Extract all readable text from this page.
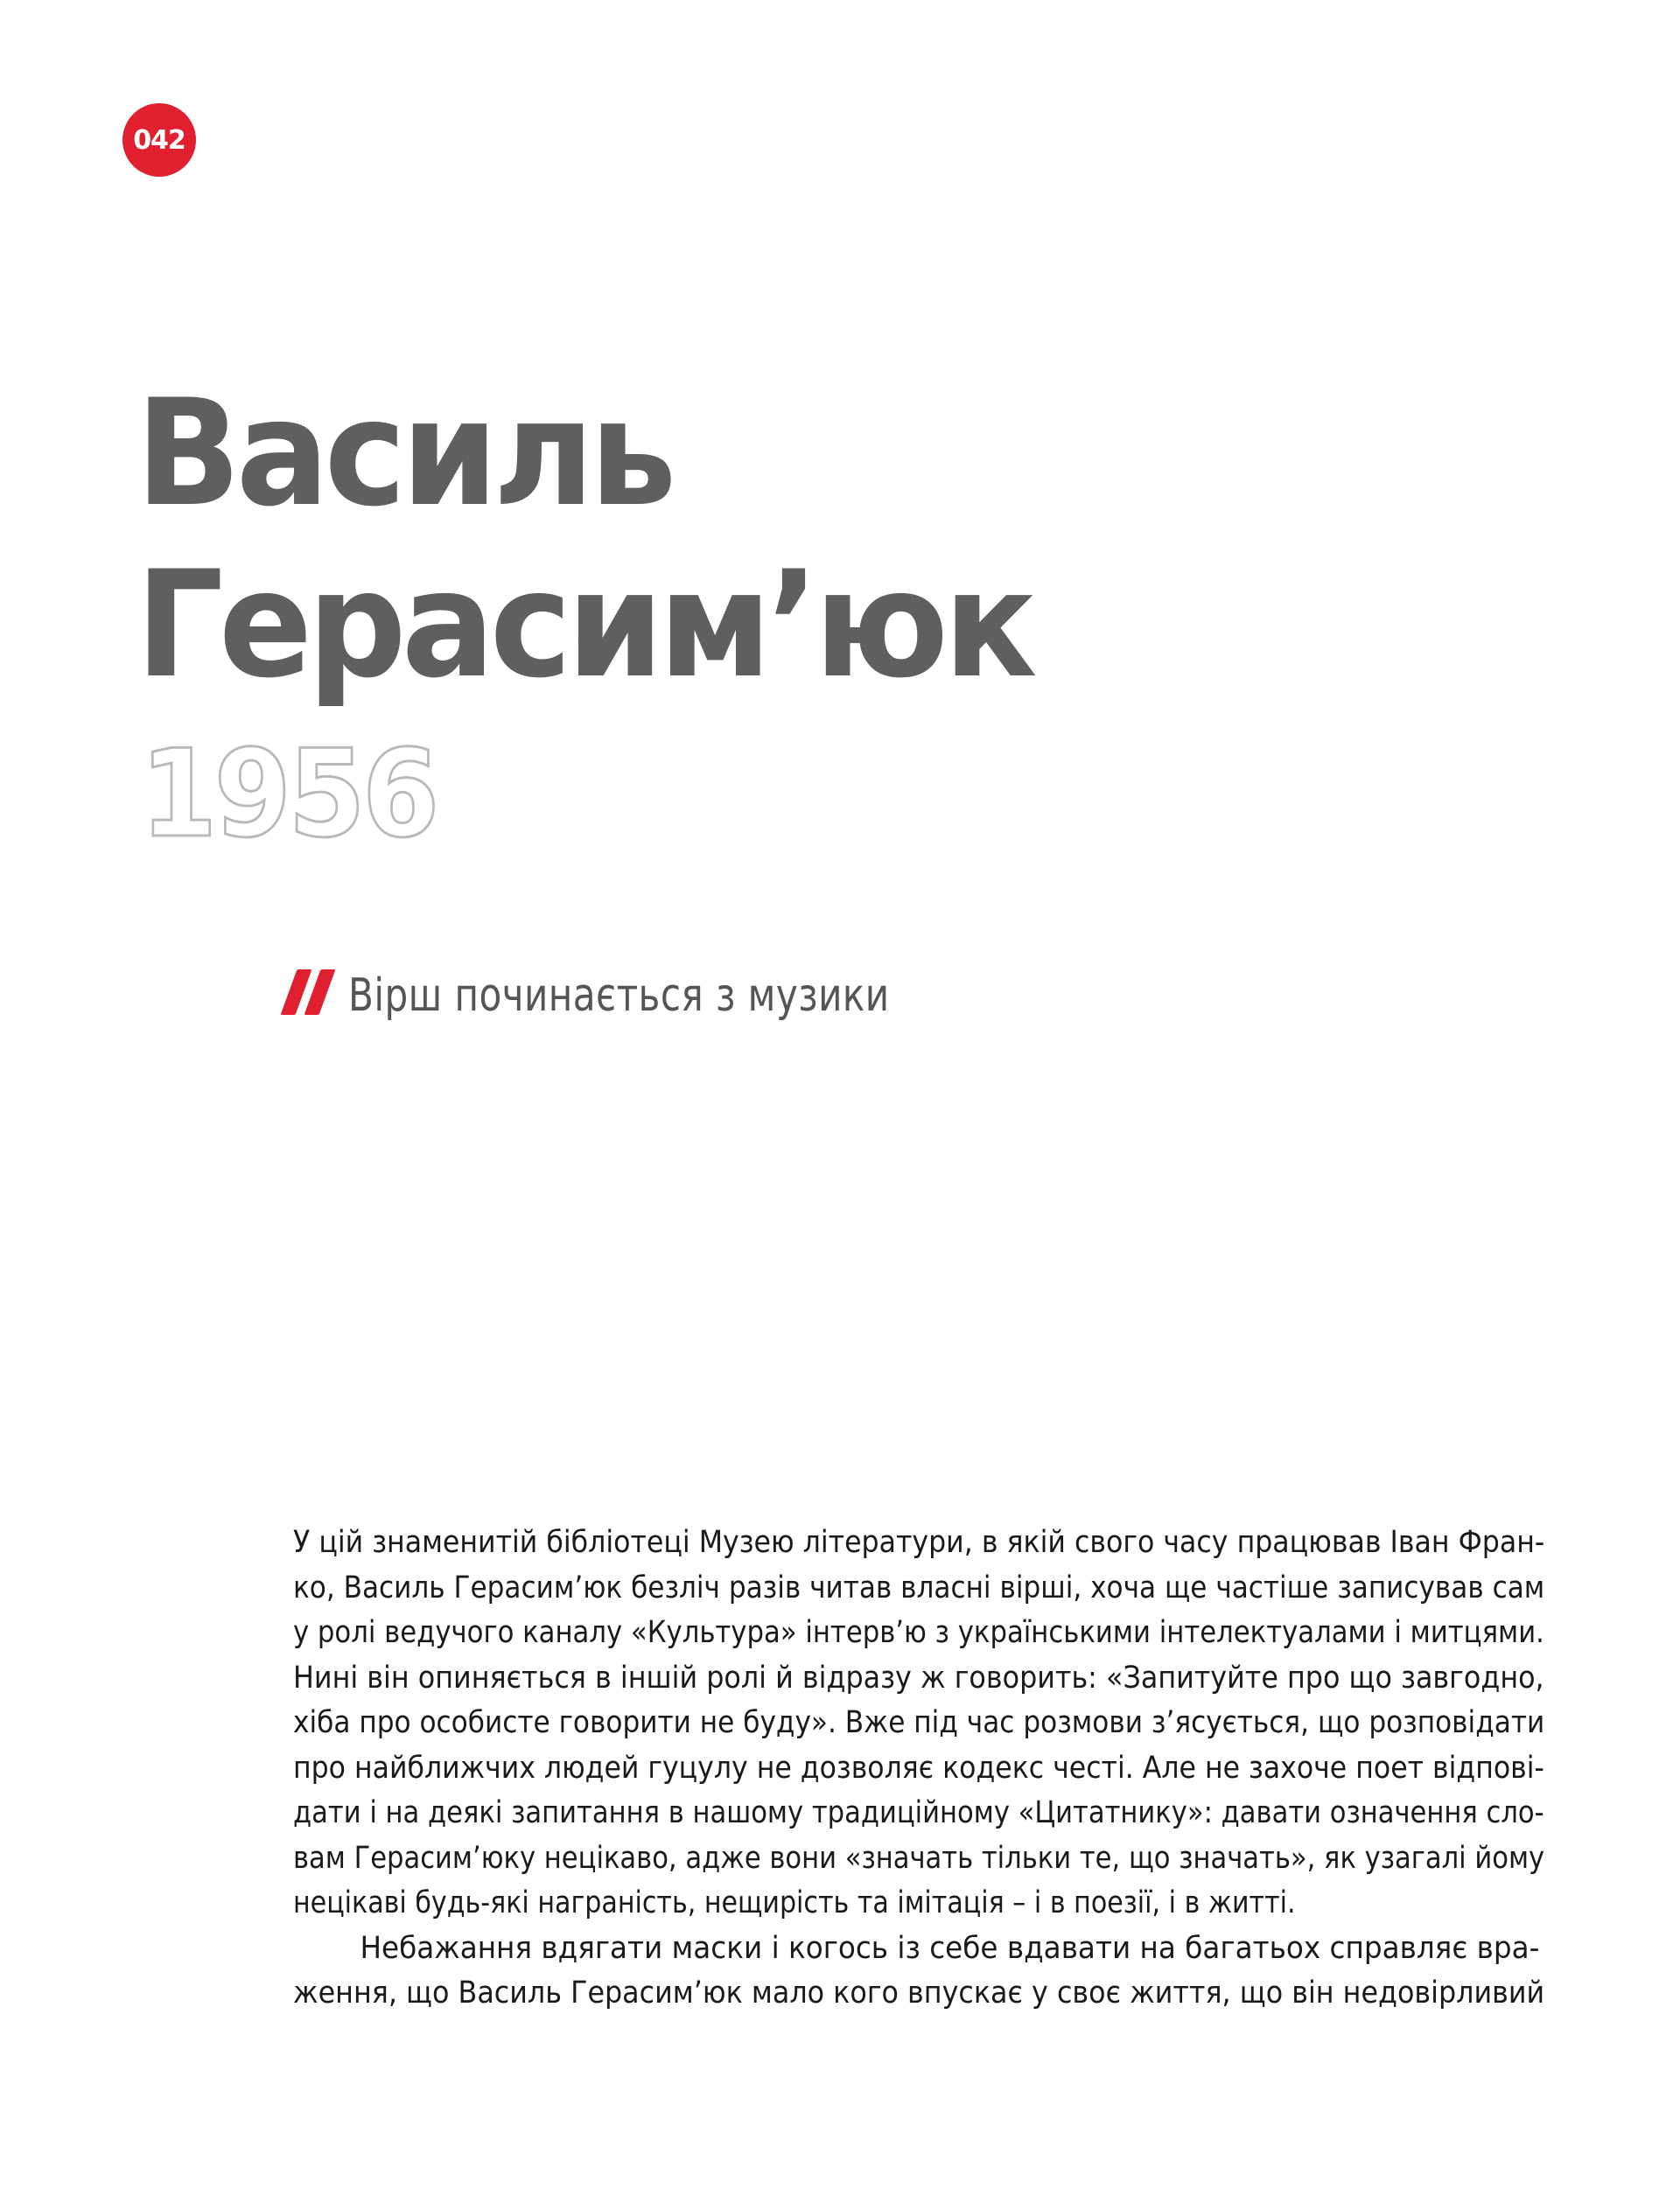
042
Василь
Герасим’юк
1956
Вірш починається з музики
У цій знаменитій бібліотеці Музею літератури, в якій свого часу працював Іван Фран-
ко, Василь Герасим’юк безліч разів читав власні вірші, хоча ще частіше записував сам
у ролі ведучого каналу «Культура» інтерв’ю з українськими інтелектуалами і митцями.
Нині він опиняється в іншій ролі й відразу ж говорить: «Запитуйте про що завгодно,
хіба про особисте говорити не буду». Вже під час розмови з’ясується, що розповідати
про найближчих людей гуцулу не дозволяє кодекс честі. Але не захоче поет відпові-
дати і на деякі запитання в нашому традиційному «Цитатнику»: давати означення сло-
вам Герасим’юку нецікаво, адже вони «значать тільки те, що значать», як узагалі йому
нецікаві будь-які награність, нещирість та імітація – і в поезії, і в житті.
Небажання вдягати маски і когось із себе вдавати на багатьох справляє вра-
ження, що Василь Герасим’юк мало кого впускає у своє життя, що він недовірливий
